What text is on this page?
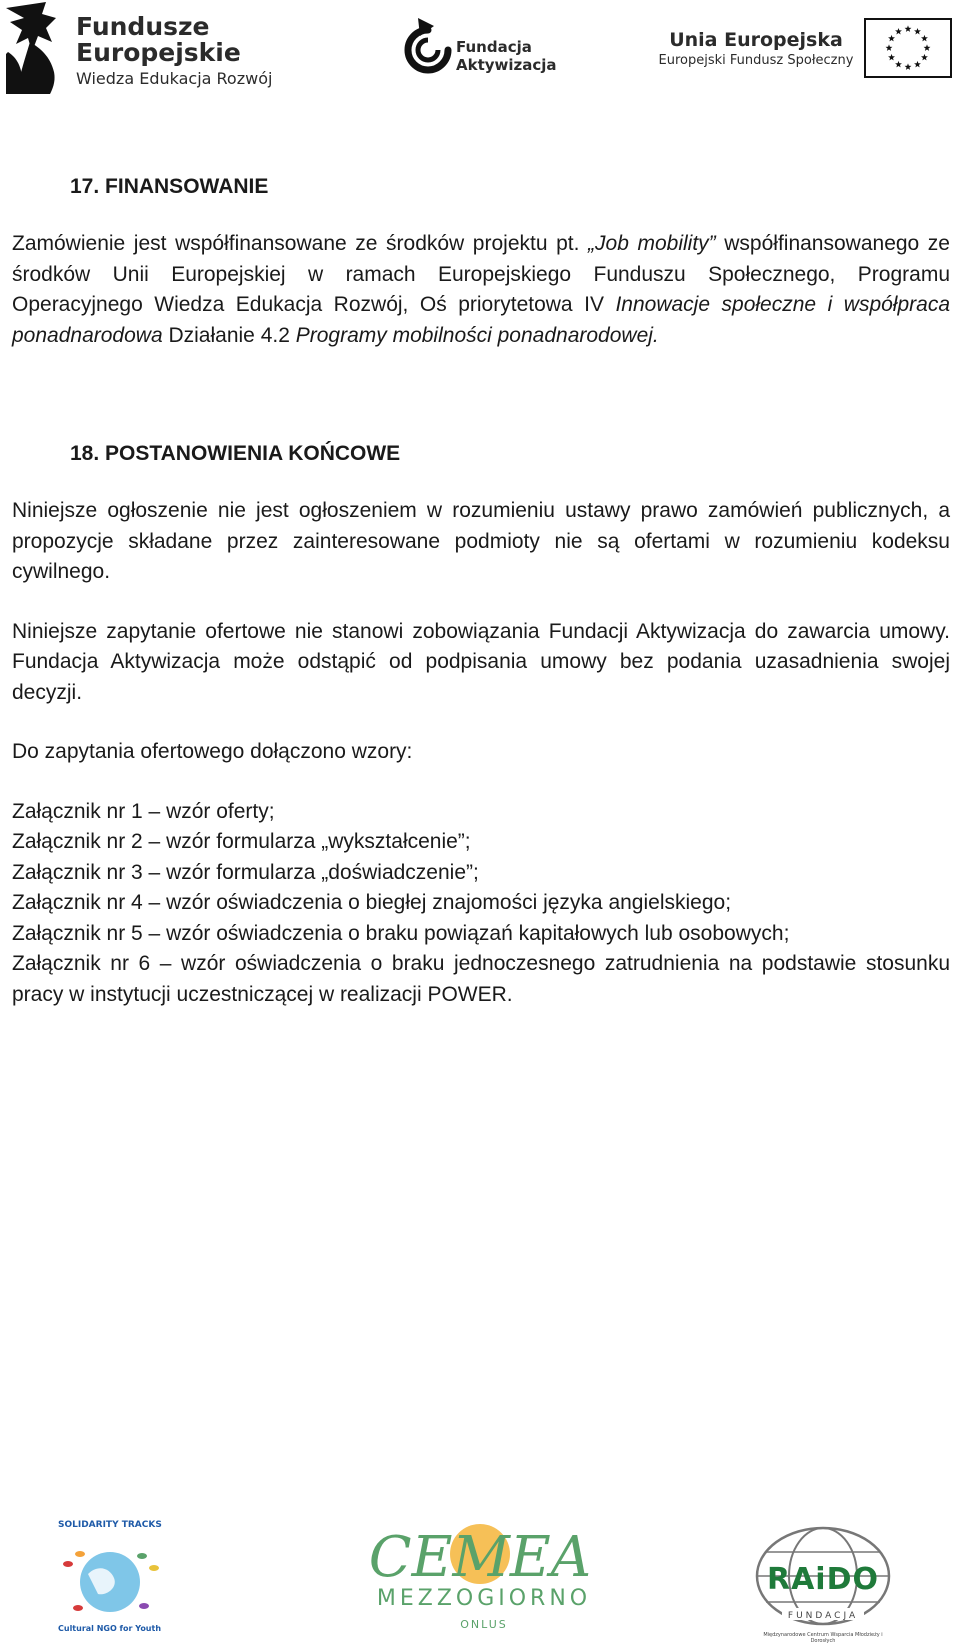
Fundusze
Europejskie
Wiedza Edukacja Rozwój
Fundacja
Aktywizacja
Unia Europejska
Europejski Fundusz Społeczny
17. FINANSOWANIE

Zamówienie jest współfinansowane ze środków projektu pt. „Job mobility” współfinansowanego ze środków Unii Europejskiej w ramach Europejskiego Funduszu Społecznego, Programu Operacyjnego Wiedza Edukacja Rozwój, Oś priorytetowa IV Innowacje społeczne i współpraca ponadnarodowa Działanie 4.2 Programy mobilności ponadnarodowej.

18. POSTANOWIENIA KOŃCOWE

Niniejsze ogłoszenie nie jest ogłoszeniem w rozumieniu ustawy prawo zamówień publicznych, a propozycje składane przez zainteresowane podmioty nie są ofertami w rozumieniu kodeksu cywilnego.

Niniejsze zapytanie ofertowe nie stanowi zobowiązania Fundacji Aktywizacja do zawarcia umowy. Fundacja Aktywizacja może odstąpić od podpisania umowy bez podania uzasadnienia swojej decyzji.

Do zapytania ofertowego dołączono wzory:

Załącznik nr 1 – wzór oferty;

Załącznik nr 2 – wzór formularza „wykształcenie”;

Załącznik nr 3 – wzór formularza „doświadczenie”;

Załącznik nr 4 – wzór oświadczenia o biegłej znajomości języka angielskiego;

Załącznik nr 5 – wzór oświadczenia o braku powiązań kapitałowych lub osobowych;

Załącznik nr 6 – wzór oświadczenia o braku jednoczesnego zatrudnienia na podstawie stosunku pracy w instytucji uczestniczącej w realizacji POWER.

SOLIDARITY TRACKS
Cultural NGO for Youth
CEMEA
MEZZOGIORNO
ONLUS
RAiDO
FUNDACJA
Międzynarodowe Centrum Wsparcia Młodzieży i Dorosłych
